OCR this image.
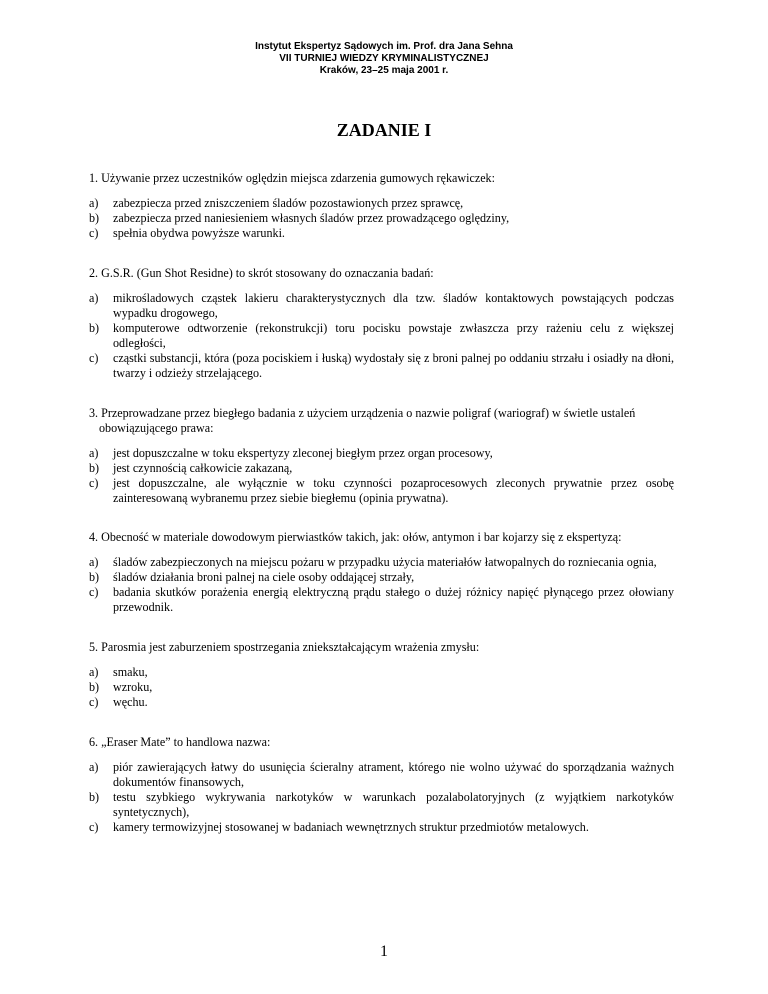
Instytut Ekspertyz Sądowych im. Prof. dra Jana Sehna
VII TURNIEJ WIEDZY KRYMINALISTYCZNEJ
Kraków, 23–25 maja 2001 r.
ZADANIE I

1. Używanie przez uczestników oględzin miejsca zdarzenia gumowych rękawiczek:

a)	zabezpiecza przed zniszczeniem śladów pozostawionych przez sprawcę,
b)	zabezpiecza przed naniesieniem własnych śladów przez prowadzącego oględziny,
c)	spełnia obydwa powyższe warunki.

2. G.S.R. (Gun Shot Residne) to skrót stosowany do oznaczania badań:

a)	mikrośladowych cząstek lakieru charakterystycznych dla tzw. śladów kontaktowych powstających podczas wypadku drogowego,
b)	komputerowe odtworzenie (rekonstrukcji) toru pocisku powstaje zwłaszcza przy rażeniu celu z większej odległości,
c)	cząstki substancji, która (poza pociskiem i łuską) wydostały się z broni palnej po oddaniu strzału i osiadły na dłoni, twarzy i odzieży strzelającego.

3. Przeprowadzane przez biegłego badania z użyciem urządzenia o nazwie poligraf (wariograf) w świetle ustaleń obowiązującego prawa:

a)	jest dopuszczalne w toku ekspertyzy zleconej biegłym przez organ procesowy,
b)	jest czynnością całkowicie zakazaną,
c)	jest dopuszczalne, ale wyłącznie w toku czynności pozaprocesowych zleconych prywatnie przez osobę zainteresowaną wybranemu przez siebie biegłemu (opinia prywatna).

4. Obecność w materiale dowodowym pierwiastków takich, jak: ołów, antymon i bar kojarzy się z ekspertyzą:

a)	śladów zabezpieczonych na miejscu pożaru w przypadku użycia materiałów łatwopalnych do rozniecania ognia,
b)	śladów działania broni palnej na ciele osoby oddającej strzały,
c)	badania skutków porażenia energią elektryczną prądu stałego o dużej różnicy napięć płynącego przez ołowiany przewodnik.

5. Parosmia jest zaburzeniem spostrzegania zniekształcającym wrażenia zmysłu:

a)	smaku,
b)	wzroku,
c)	węchu.

6. „Eraser Mate” to handlowa nazwa:

a)	piór zawierających łatwy do usunięcia ścieralny atrament, którego nie wolno używać do sporządzania ważnych dokumentów finansowych,
b)	testu szybkiego wykrywania narkotyków w warunkach pozalabolatoryjnych (z wyjątkiem narkotyków syntetycznych),
c)	kamery termowizyjnej stosowanej w badaniach wewnętrznych struktur przedmiotów metalowych.
1
